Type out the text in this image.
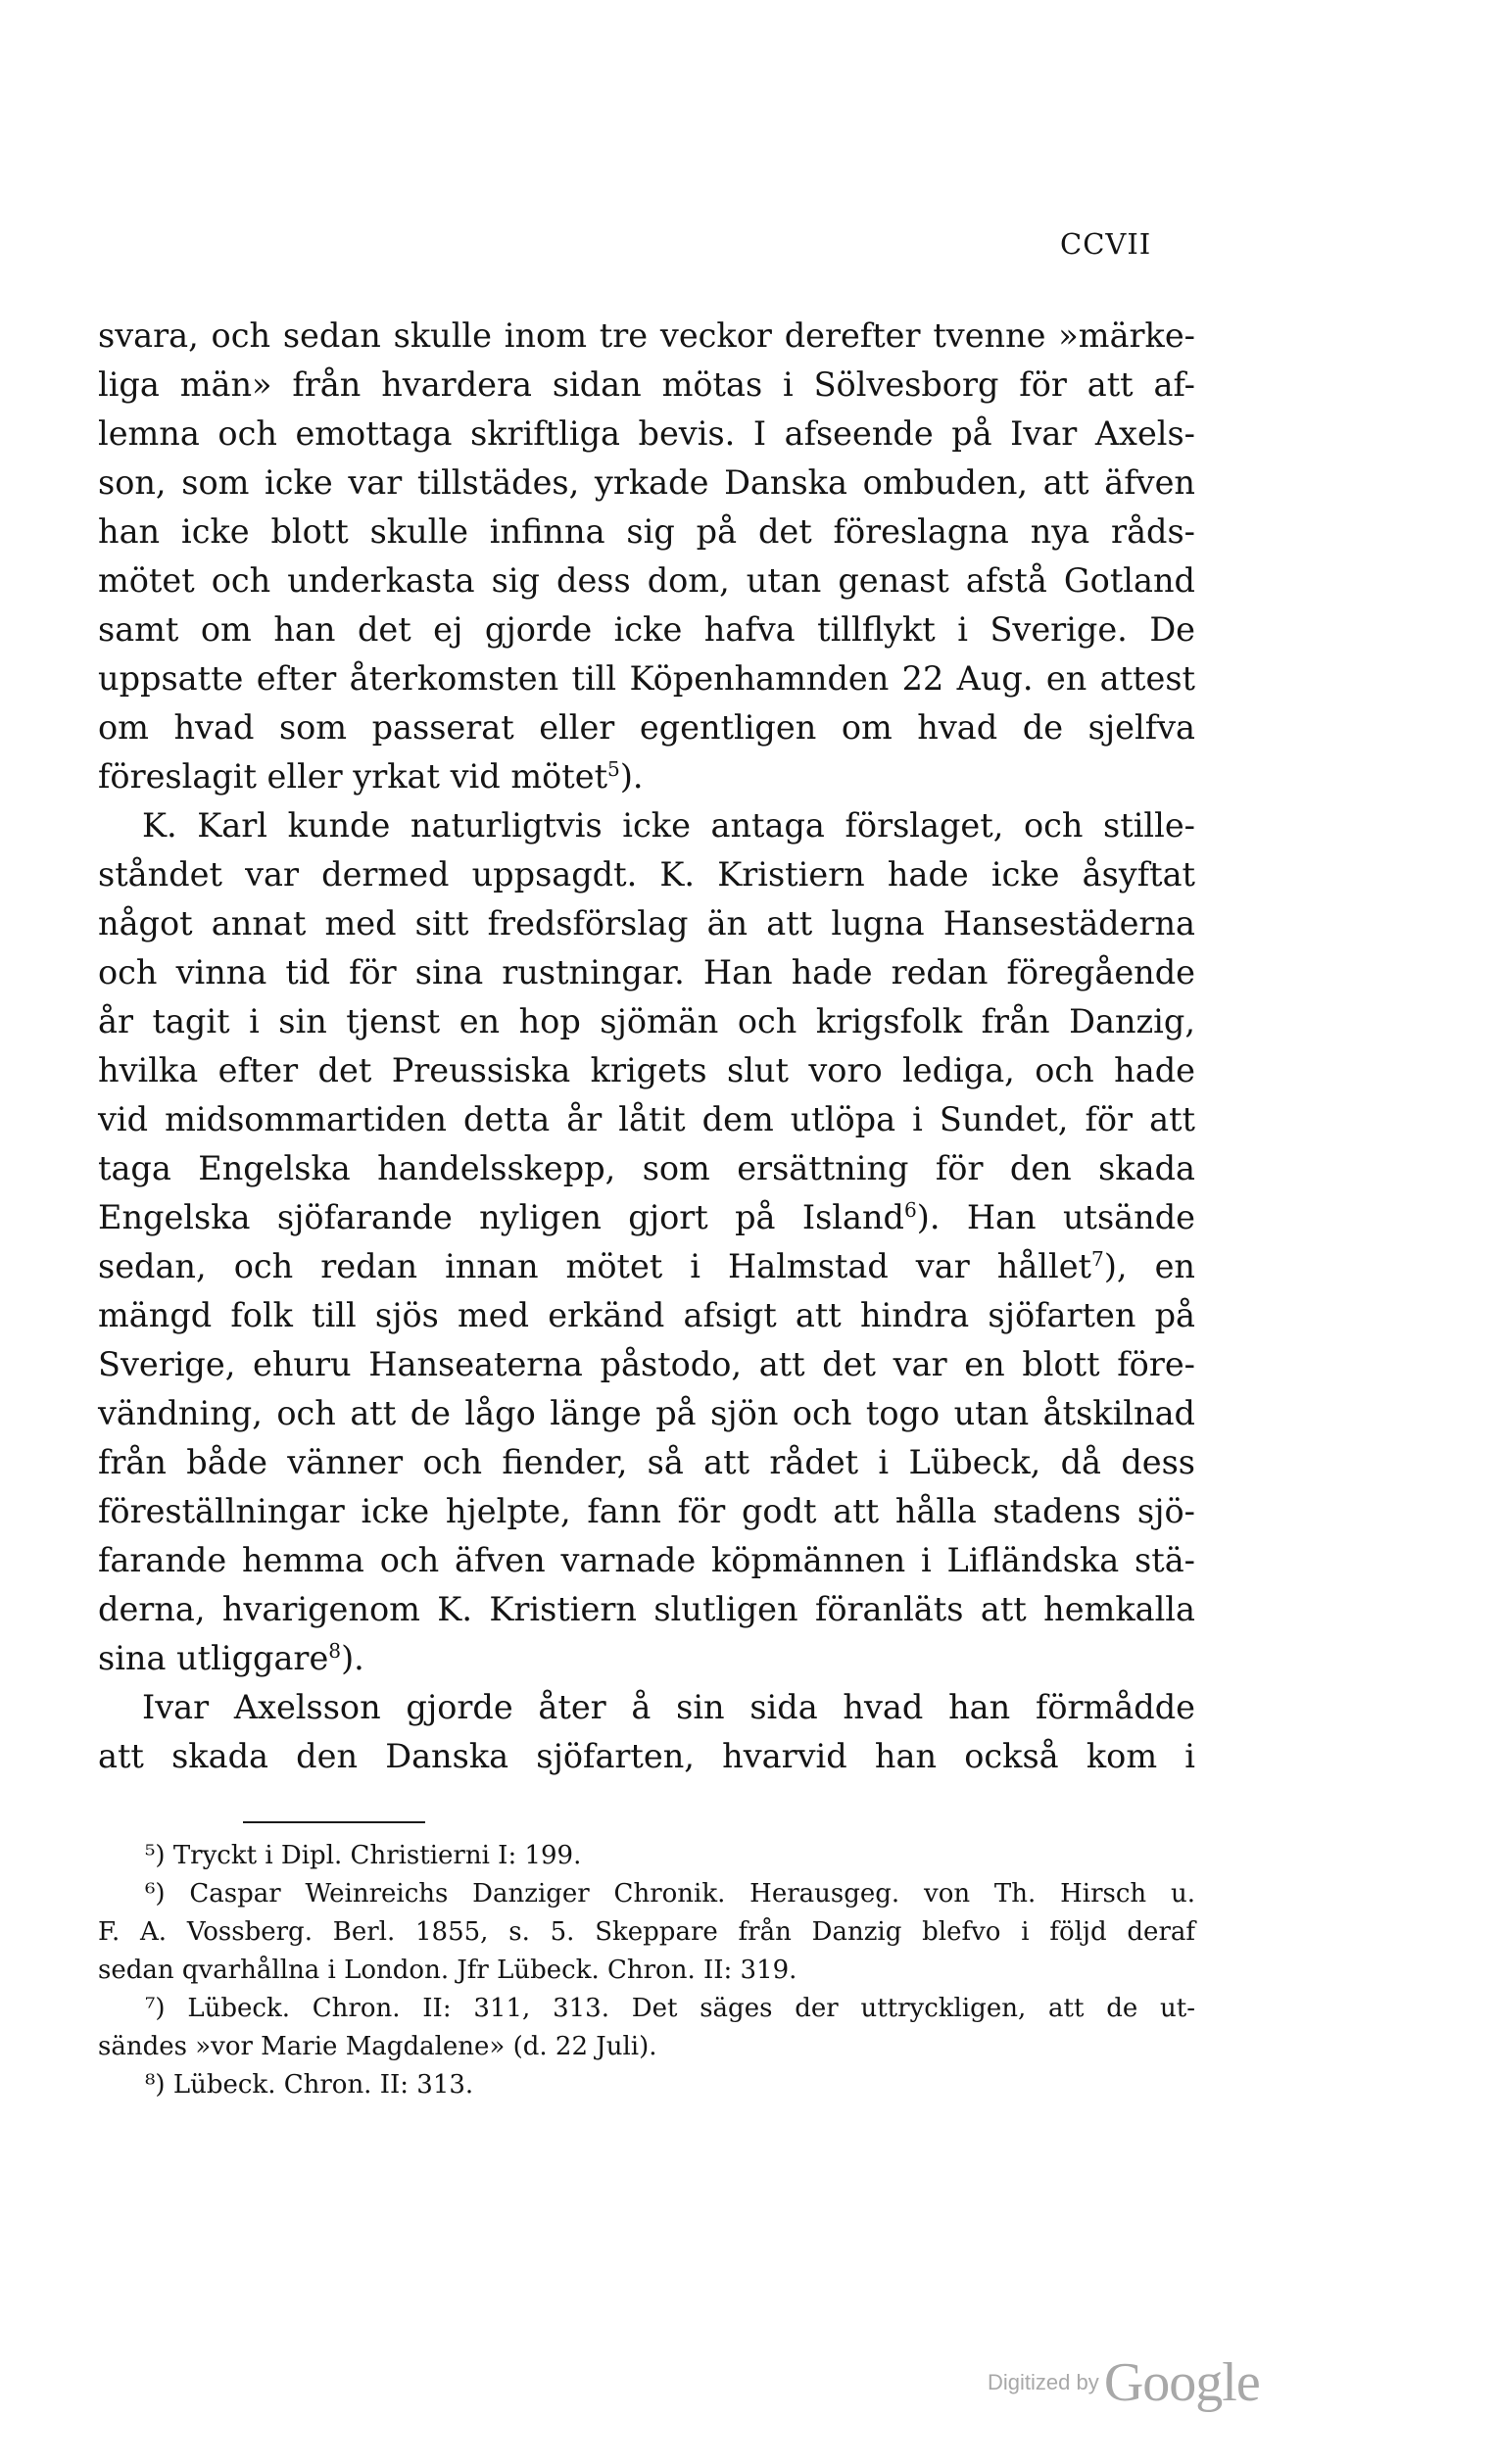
CCVII
svara, och sedan skulle inom tre veckor derefter tvenne »märke-
liga män» från hvardera sidan mötas i Sölvesborg för att af-
lemna och emottaga skriftliga bevis. I afseende på Ivar Axels-
son, som icke var tillstädes, yrkade Danska ombuden, att äfven
han icke blott skulle infinna sig på det föreslagna nya råds-
mötet och underkasta sig dess dom, utan genast afstå Gotland
samt om han det ej gjorde icke hafva tillflykt i Sverige. De
uppsatte efter återkomsten till Köpenhamnden 22 Aug. en attest
om hvad som passerat eller egentligen om hvad de sjelfva
föreslagit eller yrkat vid mötet$^5$).
K. Karl kunde naturligtvis icke antaga förslaget, och stille-
ståndet var dermed uppsagdt. K. Kristiern hade icke åsyftat
något annat med sitt fredsförslag än att lugna Hansestäderna
och vinna tid för sina rustningar. Han hade redan föregående
år tagit i sin tjenst en hop sjömän och krigsfolk från Danzig,
hvilka efter det Preussiska krigets slut voro lediga, och hade
vid midsommartiden detta år låtit dem utlöpa i Sundet, för att
taga Engelska handelsskepp, som ersättning för den skada
Engelska sjöfarande nyligen gjort på Island$^6$). Han utsände
sedan, och redan innan mötet i Halmstad var hållet$^7$), en
mängd folk till sjös med erkänd afsigt att hindra sjöfarten på
Sverige, ehuru Hanseaterna påstodo, att det var en blott före-
vändning, och att de lågo länge på sjön och togo utan åtskilnad
från både vänner och fiender, så att rådet i Lübeck, då dess
föreställningar icke hjelpte, fann för godt att hålla stadens sjö-
farande hemma och äfven varnade köpmännen i Lifländska stä-
derna, hvarigenom K. Kristiern slutligen föranläts att hemkalla
sina utliggare$^8$).
Ivar Axelsson gjorde åter å sin sida hvad han förmådde
att skada den Danska sjöfarten, hvarvid han också kom i
⁵) Tryckt i Dipl. Christierni I: 199.
⁶) Caspar Weinreichs Danziger Chronik. Herausgeg. von Th. Hirsch u.
F. A. Vossberg. Berl. 1855, s. 5. Skeppare från Danzig blefvo i följd deraf
sedan qvarhållna i London. Jfr Lübeck. Chron. II: 319.
⁷) Lübeck. Chron. II: 311, 313. Det säges der uttryckligen, att de ut-
sändes »vor Marie Magdalene» (d. 22 Juli).
⁸) Lübeck. Chron. II: 313.
Digitized by Google
